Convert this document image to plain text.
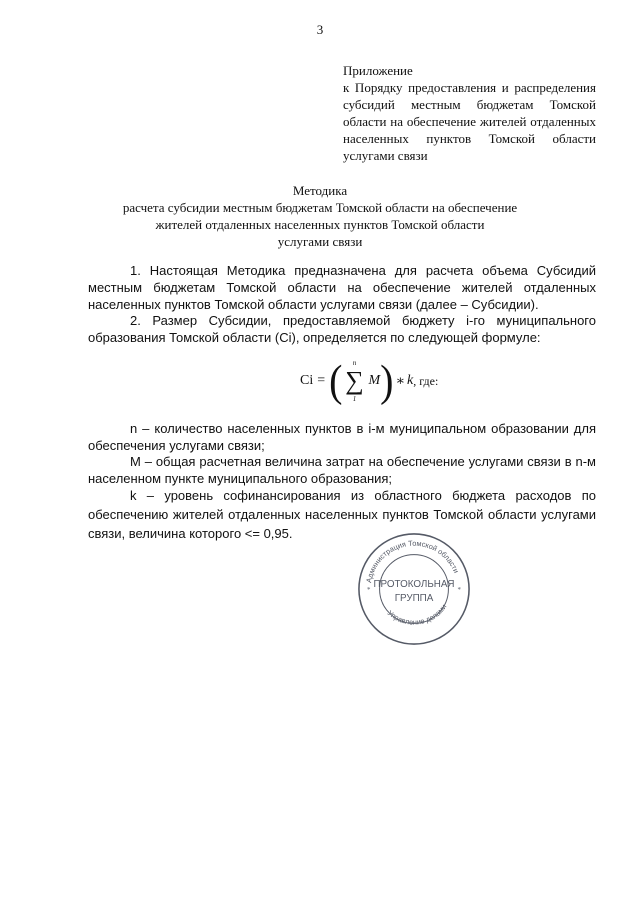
3
Приложение
к Порядку предоставления и распределения субсидий местным бюджетам Томской области на обеспечение жителей отдаленных населенных пунктов Томской области услугами связи
Методика
расчета субсидии местным бюджетам Томской области на обеспечение
жителей отдаленных населенных пунктов Томской области
услугами связи
1. Настоящая Методика предназначена для расчета объема Субсидий местным бюджетам Томской области на обеспечение жителей отдаленных населенных пунктов Томской области услугами связи (далее – Субсидии).
2. Размер Субсидии, предоставляемой бюджету i-го муниципального образования Томской области (Ci), определяется по следующей формуле:
Ci = (	n
∑
1
M ) ∗ k , где:
n – количество населенных пунктов в i-м муниципальном образовании для обеспечения услугами связи;
M – общая расчетная величина затрат на обеспечение услугами связи в n-м населенном пункте муниципального образования;
k – уровень софинансирования из областного бюджета расходов по обеспечению жителей отдаленных населенных пунктов Томской области услугами связи, величина которого <= 0,95.
Администрация Томской области
Управление делами
ПРОТОКОЛЬНАЯ
ГРУППА
*	*
